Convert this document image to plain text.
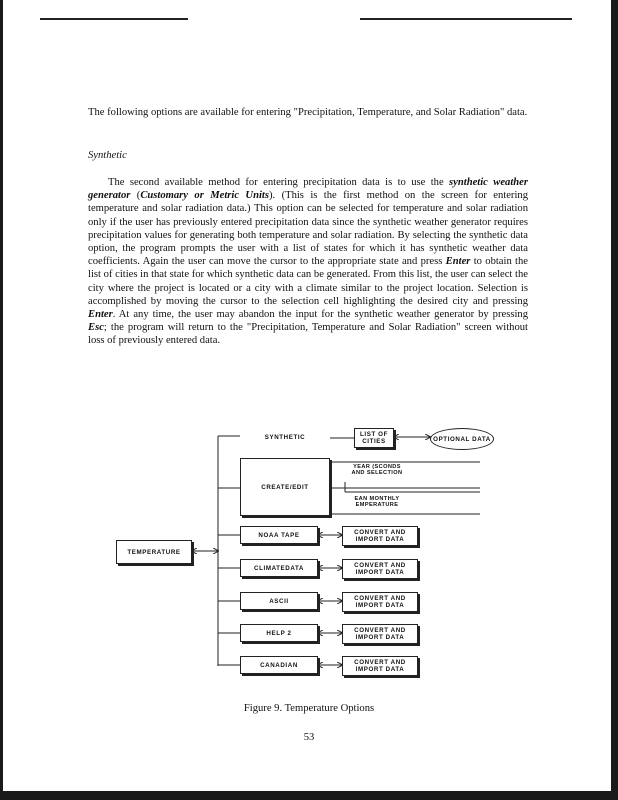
The following options are available for entering "Precipitation, Temperature, and Solar Radiation" data.
Synthetic
The second available method for entering precipitation data is to use the synthetic weather generator (Customary or Metric Units). (This is the first method on the screen for entering temperature and solar radiation data.) This option can be selected for temperature and solar radiation only if the user has previously entered precipitation data since the synthetic weather generator requires precipitation values for generating both temperature and solar radiation. By selecting the synthetic data option, the program prompts the user with a list of states for which it has synthetic weather data coefficients. Again the user can move the cursor to the appropriate state and press Enter to obtain the list of cities in that state for which synthetic data can be generated. From this list, the user can select the city where the project is located or a city with a climate similar to the project location. Selection is accomplished by moving the cursor to the selection cell highlighting the desired city and pressing Enter. At any time, the user may abandon the input for the synthetic weather generator by pressing Esc; the program will return to the "Precipitation, Temperature and Solar Radiation" screen without loss of previously entered data.
TEMPERATURE
SYNTHETIC	LIST OF CITIES	OPTIONAL DATA
CREATE/EDIT
YEAR (SCONDS AND SELECTION
EAN MONTHLY EMPERATURE
NOAA TAPE	CONVERT AND IMPORT DATA
CLIMATEDATA	CONVERT AND IMPORT DATA
ASCII	CONVERT AND IMPORT DATA
HELP 2	CONVERT AND IMPORT DATA
CANADIAN	CONVERT AND IMPORT DATA
Figure 9. Temperature Options
53
